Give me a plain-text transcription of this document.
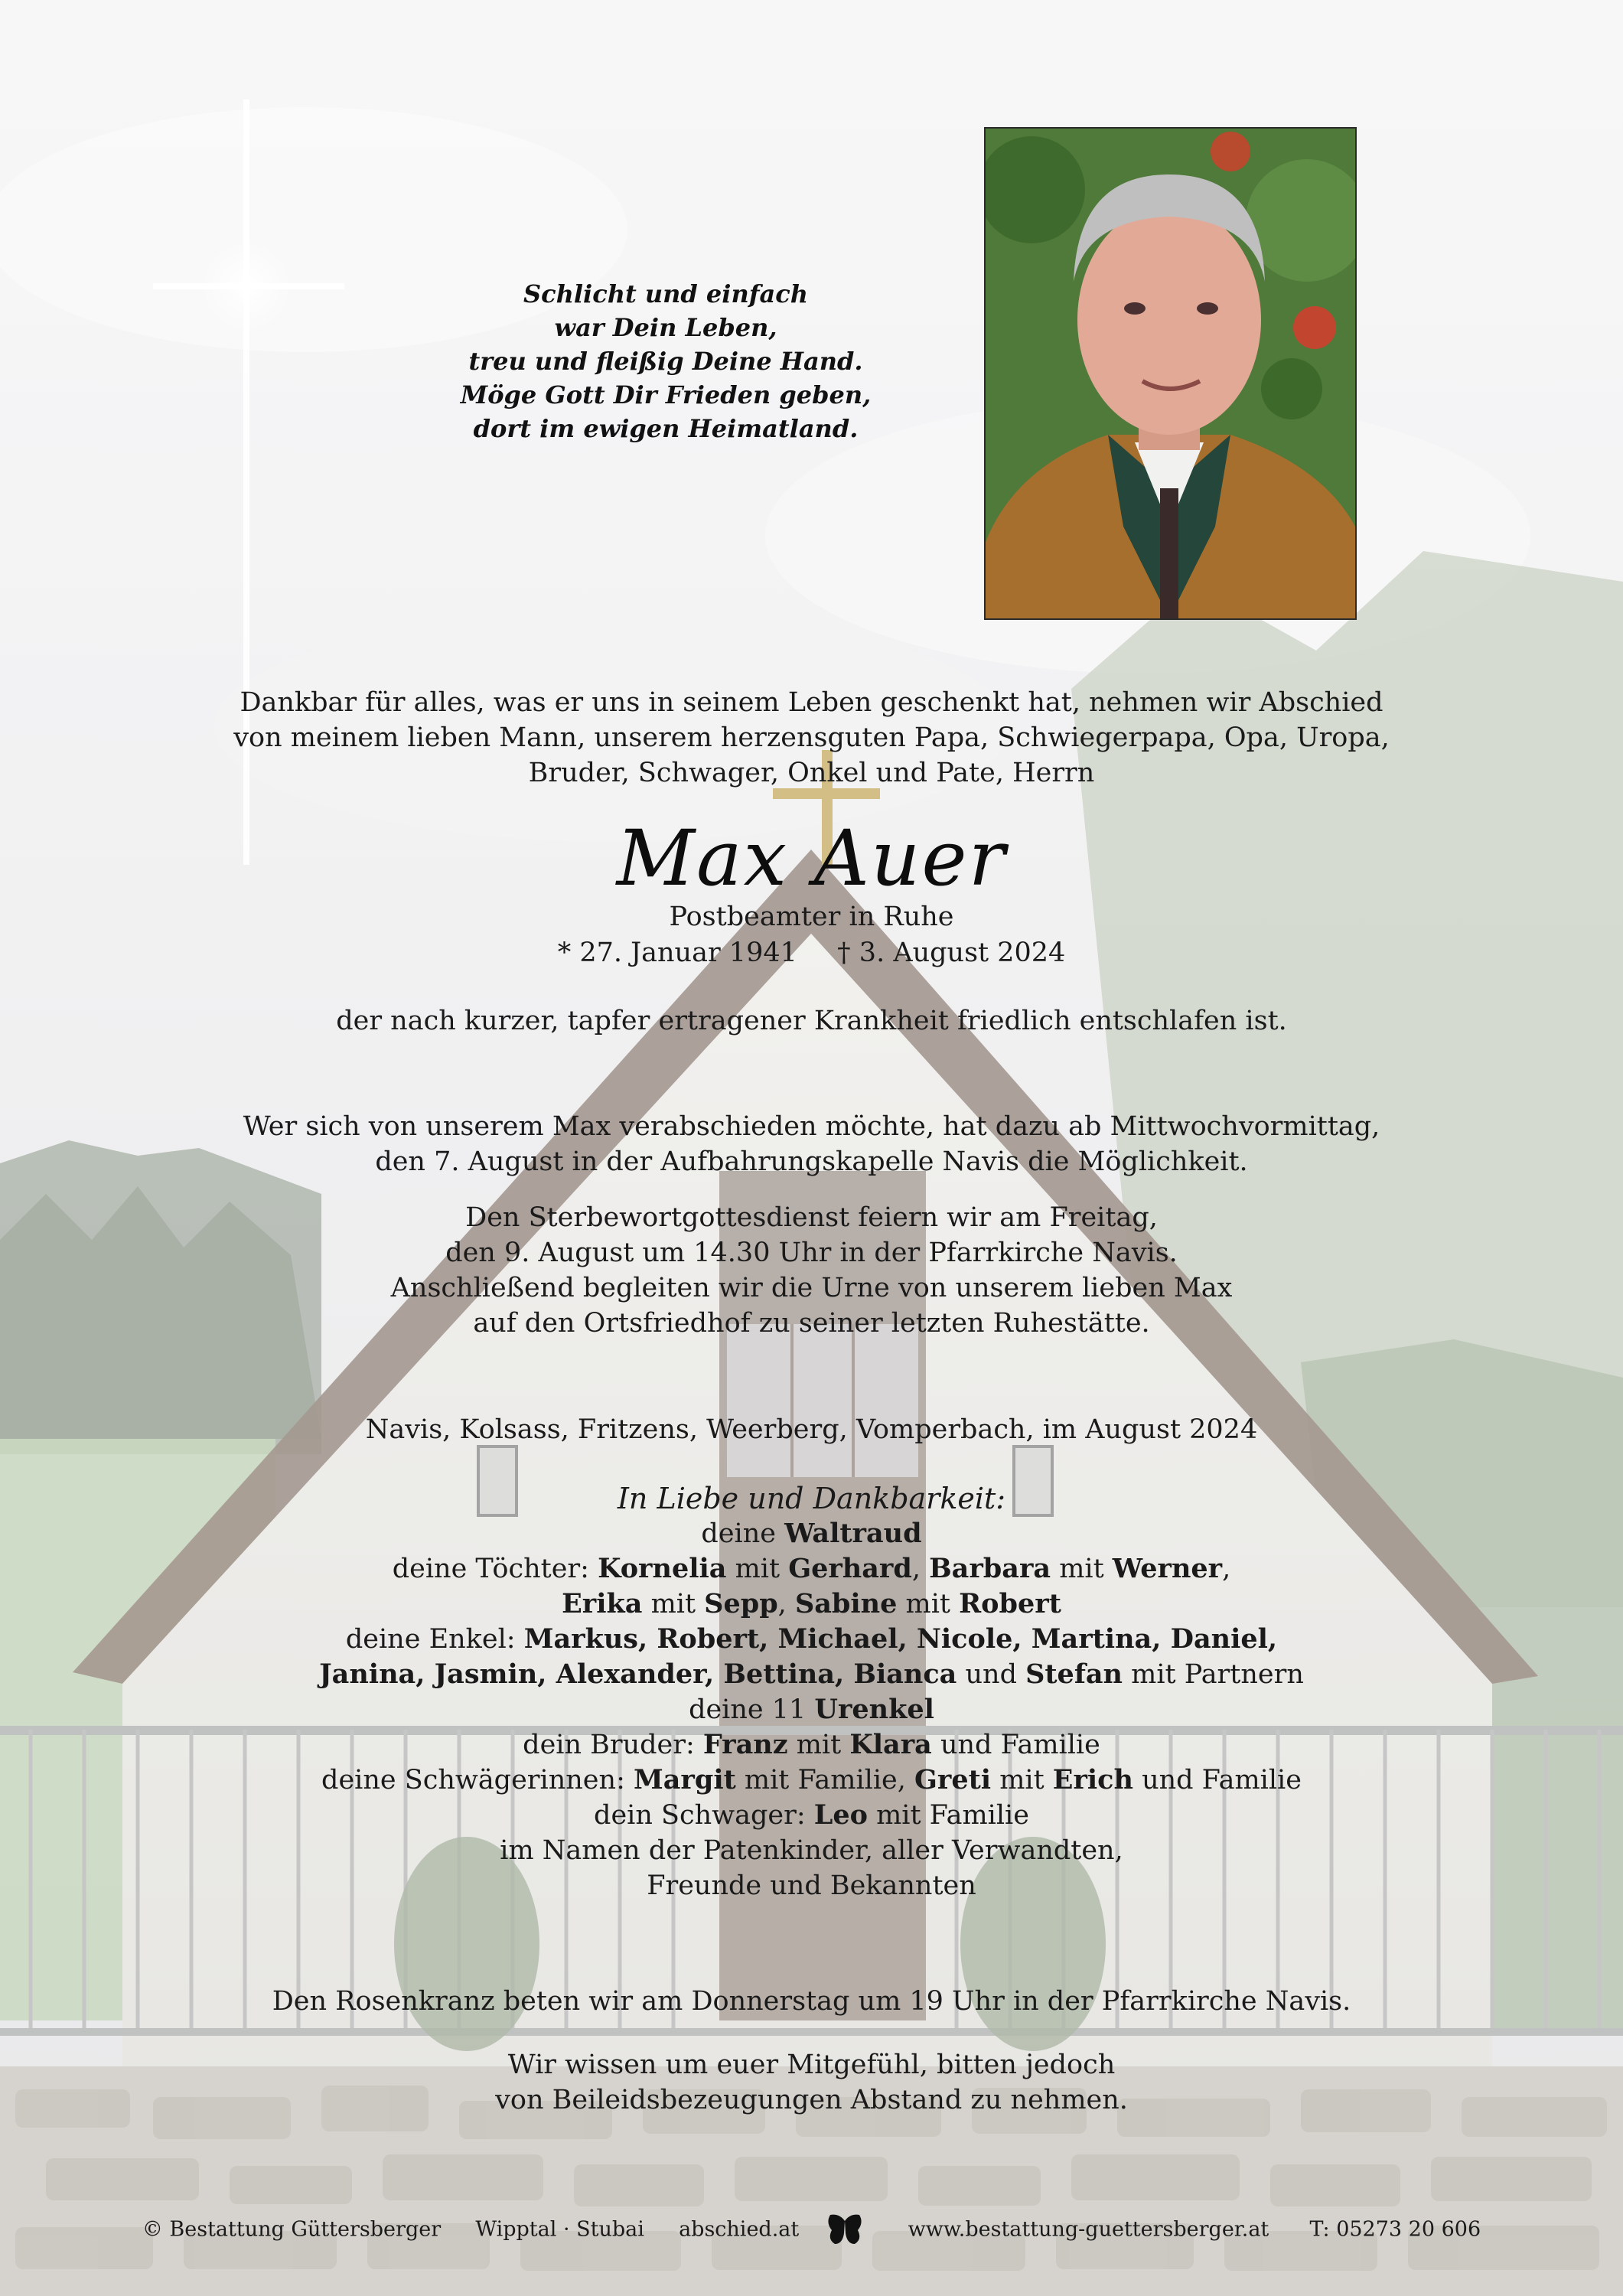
Schlicht und einfach
war Dein Leben,
treu und fleißig Deine Hand.
Möge Gott Dir Frieden geben,
dort im ewigen Heimatland.
Dankbar für alles, was er uns in seinem Leben geschenkt hat, nehmen wir Abschied
von meinem lieben Mann, unserem herzensguten Papa, Schwiegerpapa, Opa, Uropa,
Bruder, Schwager, Onkel und Pate, Herrn
Max Auer
Postbeamter in Ruhe
* 27. Januar 1941 † 3. August 2024
der nach kurzer, tapfer ertragener Krankheit friedlich entschlafen ist.
Wer sich von unserem Max verabschieden möchte, hat dazu ab Mittwochvormittag,
den 7. August in der Aufbahrungskapelle Navis die Möglichkeit.
Den Sterbewortgottesdienst feiern wir am Freitag,
den 9. August um 14.30 Uhr in der Pfarrkirche Navis.
Anschließend begleiten wir die Urne von unserem lieben Max
auf den Ortsfriedhof zu seiner letzten Ruhestätte.
Navis, Kolsass, Fritzens, Weerberg, Vomperbach, im August 2024
In Liebe und Dankbarkeit:
deine Waltraud
deine Töchter: Kornelia mit Gerhard, Barbara mit Werner,
Erika mit Sepp, Sabine mit Robert
deine Enkel: Markus, Robert, Michael, Nicole, Martina, Daniel,
Janina, Jasmin, Alexander, Bettina, Bianca und Stefan mit Partnern
deine 11 Urenkel
dein Bruder: Franz mit Klara und Familie
deine Schwägerinnen: Margit mit Familie, Greti mit Erich und Familie
dein Schwager: Leo mit Familie
im Namen der Patenkinder, aller Verwandten,
Freunde und Bekannten
Den Rosenkranz beten wir am Donnerstag um 19 Uhr in der Pfarrkirche Navis.
Wir wissen um euer Mitgefühl, bitten jedoch
von Beileidsbezeugungen Abstand zu nehmen.
© Bestattung Güttersberger Wipptal · Stubai abschied.at	www.bestattung-guettersberger.at T: 05273 20 606
